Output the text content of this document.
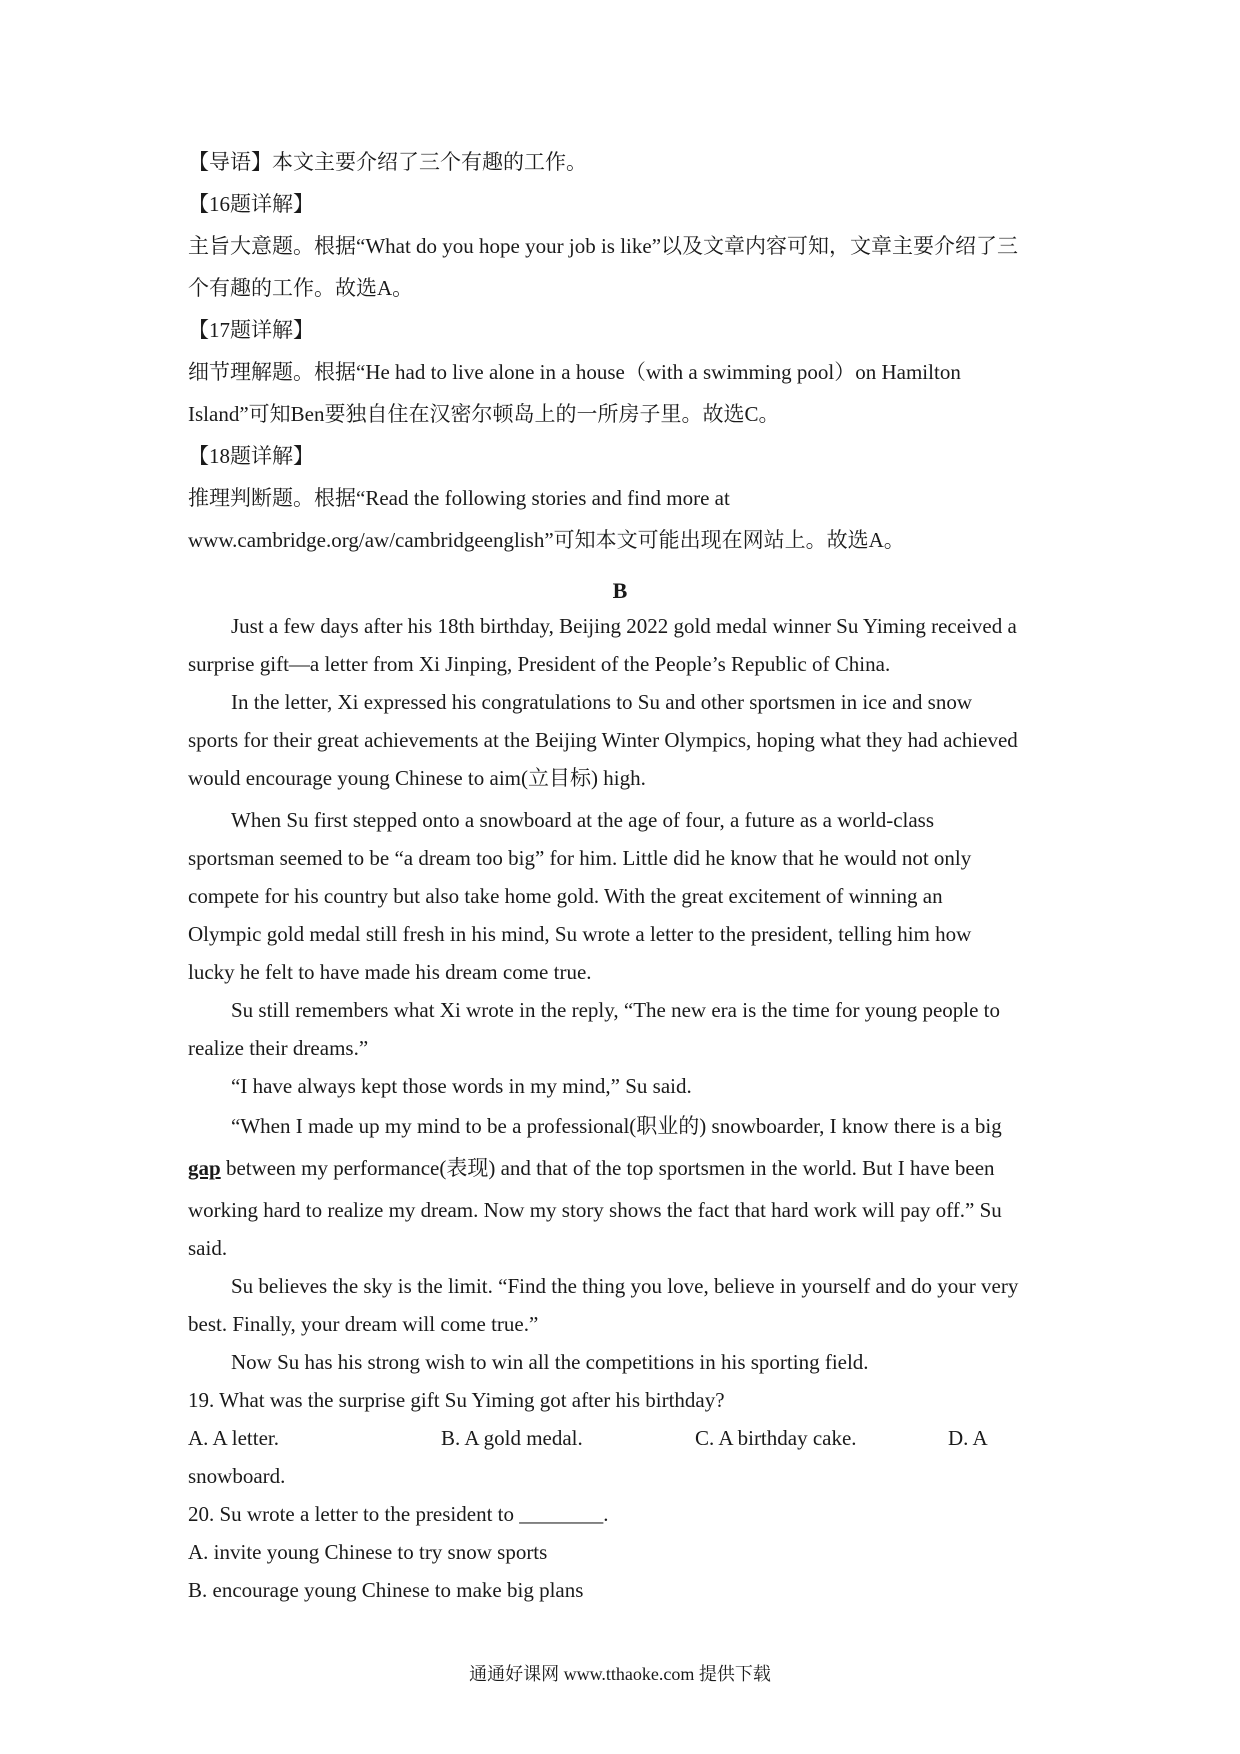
【导语】本文主要介绍了三个有趣的工作。
【16题详解】
主旨大意题。根据“What do you hope your job is like”以及文章内容可知，文章主要介绍了三
个有趣的工作。故选A。
【17题详解】
细节理解题。根据“He had to live alone in a house（with a swimming pool）on Hamilton
Island”可知Ben要独自住在汉密尔顿岛上的一所房子里。故选C。
【18题详解】
推理判断题。根据“Read the following stories and find more at
www.cambridge.org/aw/cambridgeenglish”可知本文可能出现在网站上。故选A。
B
Just a few days after his 18th birthday, Beijing 2022 gold medal winner Su Yiming received a
surprise gift—a letter from Xi Jinping, President of the People’s Republic of China.
In the letter, Xi expressed his congratulations to Su and other sportsmen in ice and snow
sports for their great achievements at the Beijing Winter Olympics, hoping what they had achieved
would encourage young Chinese to aim(立目标) high.
When Su first stepped onto a snowboard at the age of four, a future as a world-class
sportsman seemed to be “a dream too big” for him. Little did he know that he would not only
compete for his country but also take home gold. With the great excitement of winning an
Olympic gold medal still fresh in his mind, Su wrote a letter to the president, telling him how
lucky he felt to have made his dream come true.
Su still remembers what Xi wrote in the reply, “The new era is the time for young people to
realize their dreams.”
“I have always kept those words in my mind,” Su said.
“When I made up my mind to be a professional(职业的) snowboarder, I know there is a big
gap between my performance(表现) and that of the top sportsmen in the world. But I have been
working hard to realize my dream. Now my story shows the fact that hard work will pay off.” Su
said.
Su believes the sky is the limit. “Find the thing you love, believe in yourself and do your very
best. Finally, your dream will come true.”
Now Su has his strong wish to win all the competitions in his sporting field.
19. What was the surprise gift Su Yiming got after his birthday?
A. A letter.	B. A gold medal.	C. A birthday cake.	D. A
snowboard.
20. Su wrote a letter to the president to ________.
A. invite young Chinese to try snow sports
B. encourage young Chinese to make big plans
通通好课网 www.tthaoke.com 提供下载
